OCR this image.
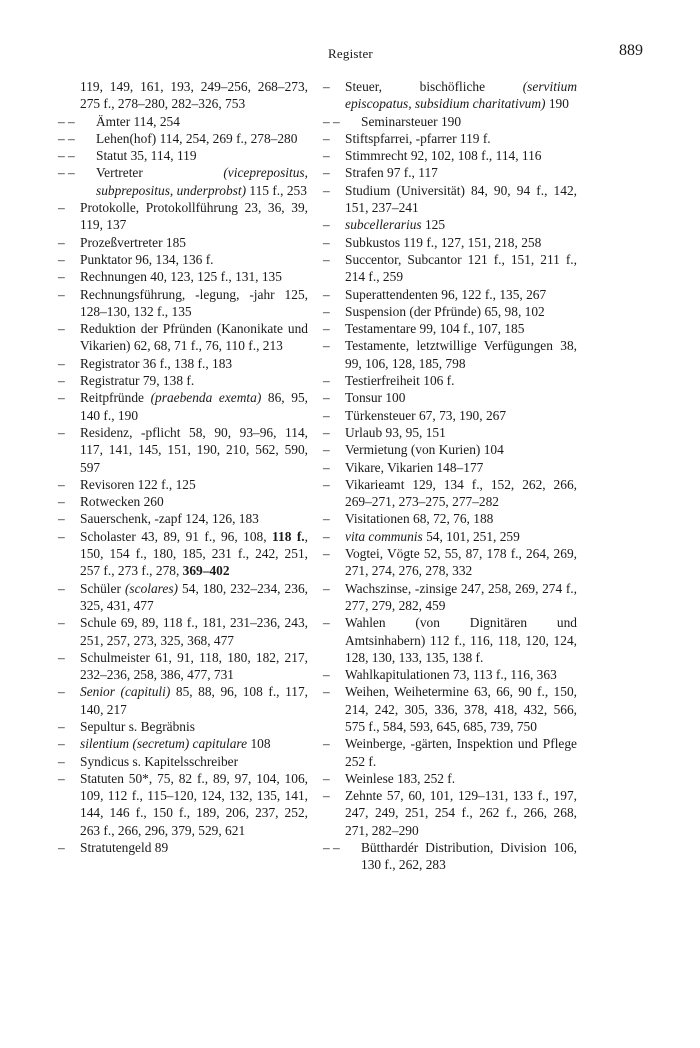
Register	889
119, 149, 161, 193, 249–256, 268–273, 275 f., 278–280, 282–326, 753
– – Ämter 114, 254
– – Lehen(hof) 114, 254, 269 f., 278–280
– – Statut 35, 114, 119
– – Vertreter (viceprepositus, subprepositus, underprobst) 115 f., 253
– Protokolle, Protokollführung 23, 36, 39, 119, 137
– Prozeßvertreter 185
– Punktator 96, 134, 136 f.
– Rechnungen 40, 123, 125 f., 131, 135
– Rechnungsführung, -legung, -jahr 125, 128–130, 132 f., 135
– Reduktion der Pfründen (Kanonikate und Vikarien) 62, 68, 71 f., 76, 110 f., 213
– Registrator 36 f., 138 f., 183
– Registratur 79, 138 f.
– Reitpfründe (praebenda exemta) 86, 95, 140 f., 190
– Residenz, -pflicht 58, 90, 93–96, 114, 117, 141, 145, 151, 190, 210, 562, 590, 597
– Revisoren 122 f., 125
– Rotwecken 260
– Sauerschenk, -zapf 124, 126, 183
– Scholaster 43, 89, 91 f., 96, 108, 118 f., 150, 154 f., 180, 185, 231 f., 242, 251, 257 f., 273 f., 278, 369–402
– Schüler (scolares) 54, 180, 232–234, 236, 325, 431, 477
– Schule 69, 89, 118 f., 181, 231–236, 243, 251, 257, 273, 325, 368, 477
– Schulmeister 61, 91, 118, 180, 182, 217, 232–236, 258, 386, 477, 731
– Senior (capituli) 85, 88, 96, 108 f., 117, 140, 217
– Sepultur s. Begräbnis
– silentium (secretum) capitulare 108
– Syndicus s. Kapitelsschreiber
– Statuten 50*, 75, 82 f., 89, 97, 104, 106, 109, 112 f., 115–120, 124, 132, 135, 141, 144, 146 f., 150 f., 189, 206, 237, 252, 263 f., 266, 296, 379, 529, 621
– Stratutengeld 89
– Steuer, bischöfliche (servitium episcopatus, subsidium charitativum) 190
– – Seminarsteuer 190
– Stiftspfarrei, -pfarrer 119 f.
– Stimmrecht 92, 102, 108 f., 114, 116
– Strafen 97 f., 117
– Studium (Universität) 84, 90, 94 f., 142, 151, 237–241
– subcellerarius 125
– Subkustos 119 f., 127, 151, 218, 258
– Succentor, Subcantor 121 f., 151, 211 f., 214 f., 259
– Superattendenten 96, 122 f., 135, 267
– Suspension (der Pfründe) 65, 98, 102
– Testamentare 99, 104 f., 107, 185
– Testamente, letztwillige Verfügungen 38, 99, 106, 128, 185, 798
– Testierfreiheit 106 f.
– Tonsur 100
– Türkensteuer 67, 73, 190, 267
– Urlaub 93, 95, 151
– Vermietung (von Kurien) 104
– Vikare, Vikarien 148–177
– Vikarieamt 129, 134 f., 152, 262, 266, 269–271, 273–275, 277–282
– Visitationen 68, 72, 76, 188
– vita communis 54, 101, 251, 259
– Vogtei, Vögte 52, 55, 87, 178 f., 264, 269, 271, 274, 276, 278, 332
– Wachszinse, -zinsige 247, 258, 269, 274 f., 277, 279, 282, 459
– Wahlen (von Dignitären und Amtsinhabern) 112 f., 116, 118, 120, 124, 128, 130, 133, 135, 138 f.
– Wahlkapitulationen 73, 113 f., 116, 363
– Weihen, Weihetermine 63, 66, 90 f., 150, 214, 242, 305, 336, 378, 418, 432, 566, 575 f., 584, 593, 645, 685, 739, 750
– Weinberge, -gärten, Inspektion und Pflege 252 f.
– Weinlese 183, 252 f.
– Zehnte 57, 60, 101, 129–131, 133 f., 197, 247, 249, 251, 254 f., 262 f., 266, 268, 271, 282–290
– – Bütthardér Distribution, Division 106, 130 f., 262, 283
